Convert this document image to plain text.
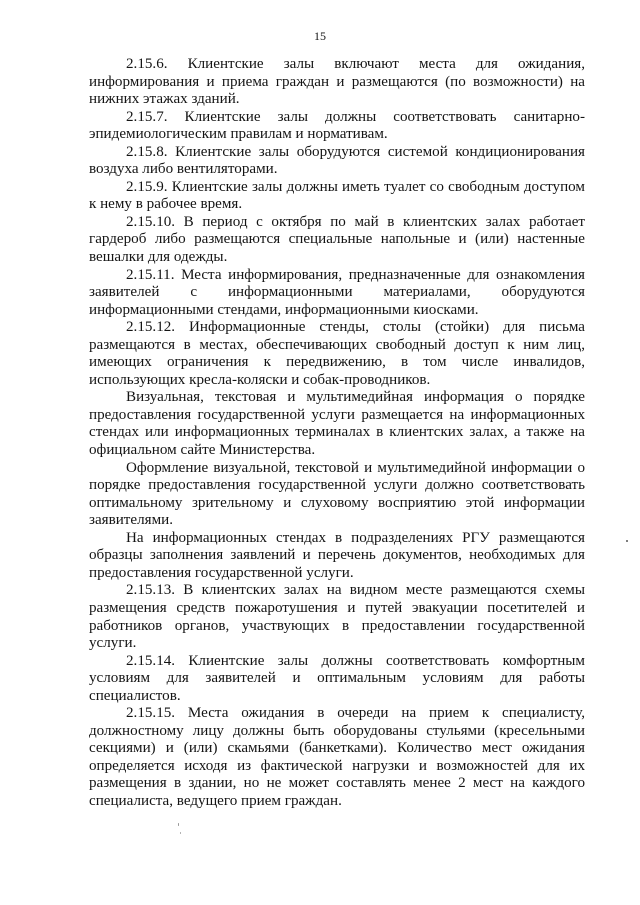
15

2.15.6. Клиентские залы включают места для ожидания, информирования и приема граждан и размещаются (по возможности) на нижних этажах зданий.

2.15.7. Клиентские залы должны соответствовать санитарно-эпидемиологическим правилам и нормативам.

2.15.8. Клиентские залы оборудуются системой кондиционирования воздуха либо вентиляторами.

2.15.9. Клиентские залы должны иметь туалет со свободным доступом к нему в рабочее время.

2.15.10. В период с октября по май в клиентских залах работает гардероб либо размещаются специальные напольные и (или) настенные вешалки для одежды.

2.15.11. Места информирования, предназначенные для ознакомления заявителей с информационными материалами, оборудуются информационными стендами, информационными киосками.

2.15.12. Информационные стенды, столы (стойки) для письма размещаются в местах, обеспечивающих свободный доступ к ним лиц, имеющих ограничения к передвижению, в том числе инвалидов, использующих кресла-коляски и собак-проводников.

Визуальная, текстовая и мультимедийная информация о порядке предоставления государственной услуги размещается на информационных стендах или информационных терминалах в клиентских залах, а также на официальном сайте Министерства.

Оформление визуальной, текстовой и мультимедийной информации о порядке предоставления государственной услуги должно соответствовать оптимальному зрительному и слуховому восприятию этой информации заявителями.

На информационных стендах в подразделениях РГУ размещаются образцы заполнения заявлений и перечень документов, необходимых для предоставления государственной услуги.

2.15.13. В клиентских залах на видном месте размещаются схемы размещения средств пожаротушения и путей эвакуации посетителей и работников органов, участвующих в предоставлении государственной услуги.

2.15.14. Клиентские залы должны соответствовать комфортным условиям для заявителей и оптимальным условиям для работы специалистов.

2.15.15. Места ожидания в очереди на прием к специалисту, должностному лицу должны быть оборудованы стульями (кресельными секциями) и (или) скамьями (банкетками). Количество мест ожидания определяется исходя из фактической нагрузки и возможностей для их размещения в здании, но не может составлять менее 2 мест на каждого специалиста, ведущего прием граждан.
